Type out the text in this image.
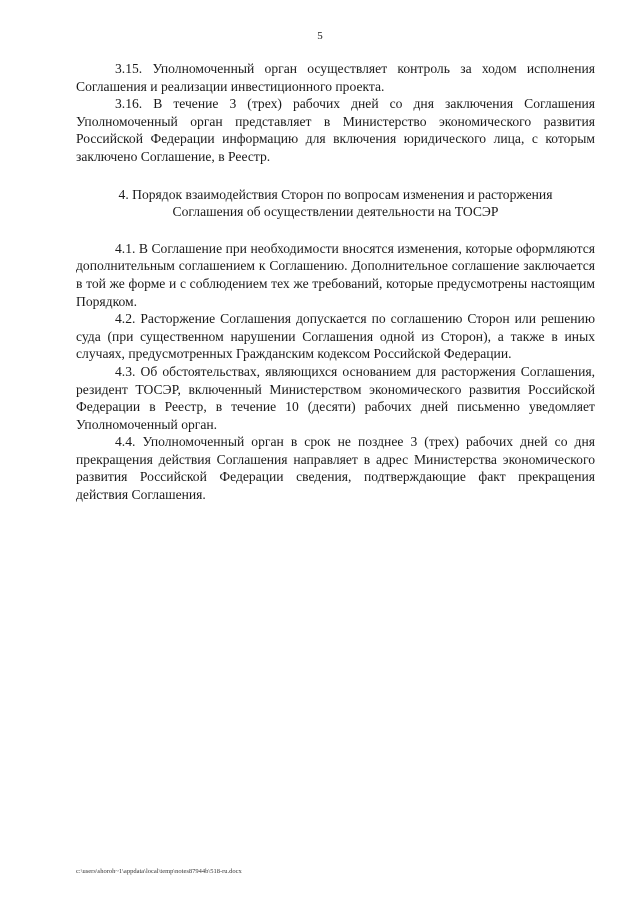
5

3.15. Уполномоченный орган осуществляет контроль за ходом исполнения Соглашения и реализации инвестиционного проекта.

3.16. В течение 3 (трех) рабочих дней со дня заключения Соглашения Уполномоченный орган представляет в Министерство экономического развития Российской Федерации информацию для включения юридического лица, с которым заключено Соглашение, в Реестр.

4. Порядок взаимодействия Сторон по вопросам изменения и расторжения
Соглашения об осуществлении деятельности на ТОСЭР

4.1. В Соглашение при необходимости вносятся изменения, которые оформляются дополнительным соглашением к Соглашению. Дополнительное соглашение заключается в той же форме и с соблюдением тех же требований, которые предусмотрены настоящим Порядком.

4.2. Расторжение Соглашения допускается по соглашению Сторон или решению суда (при существенном нарушении Соглашения одной из Сторон), а также в иных случаях, предусмотренных Гражданским кодексом Российской Федерации.

4.3. Об обстоятельствах, являющихся основанием для расторжения Соглашения, резидент ТОСЭР, включенный Министерством экономического развития Российской Федерации в Реестр, в течение 10 (десяти) рабочих дней письменно уведомляет Уполномоченный орган.

4.4. Уполномоченный орган в срок не позднее 3 (трех) рабочих дней со дня прекращения действия Соглашения направляет в адрес Министерства экономического развития Российской Федерации сведения, подтверждающие факт прекращения действия Соглашения.

c:\users\shoroh~1\appdata\local\temp\notes87944b\518-ru.docx
